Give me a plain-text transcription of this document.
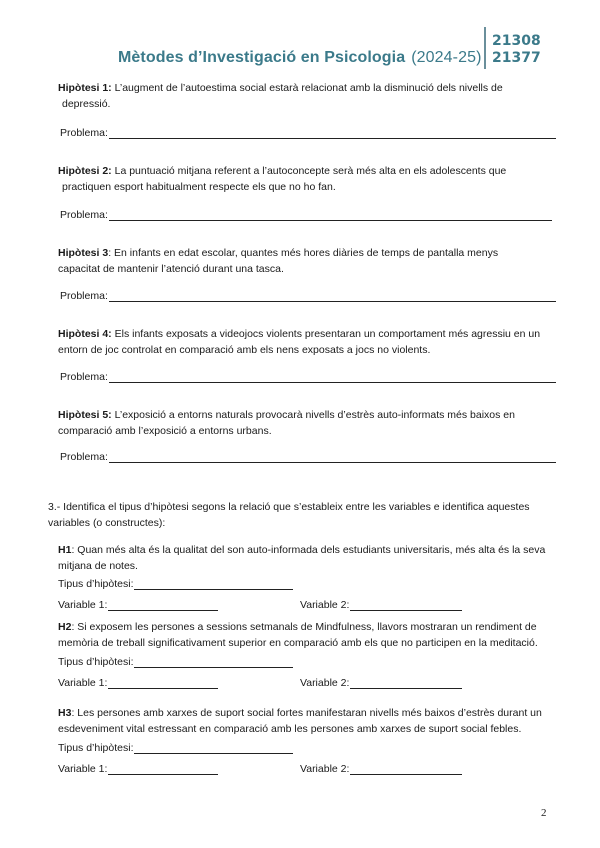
Mètodes d’Investigació en Psicologia (2024-25)
21308
21377
Hipòtesi 1: L’augment de l’autoestima social estarà relacionat amb la disminució dels nivells de
depressió.
Problema:
Hipòtesi 2: La puntuació mitjana referent a l’autoconcepte serà més alta en els adolescents que
practiquen esport habitualment respecte els que no ho fan.
Problema:
Hipòtesi 3: En infants en edat escolar, quantes més hores diàries de temps de pantalla menys
capacitat de mantenir l’atenció durant una tasca.
Problema:
Hipòtesi 4: Els infants exposats a videojocs violents presentaran un comportament més agressiu en un
entorn de joc controlat en comparació amb els nens exposats a jocs no violents.
Problema:
Hipòtesi 5: L’exposició a entorns naturals provocarà nivells d’estrès auto-informats més baixos en
comparació amb l’exposició a entorns urbans.
Problema:
3.- Identifica el tipus d’hipòtesi segons la relació que s’estableix entre les variables e identifica aquestes
variables (o constructes):
H1: Quan més alta és la qualitat del son auto-informada dels estudiants universitaris, més alta és la seva
mitjana de notes.
Tipus d’hipòtesi:
Variable 1:	Variable 2:
H2: Si exposem les persones a sessions setmanals de Mindfulness, llavors mostraran un rendiment de
memòria de treball significativament superior en comparació amb els que no participen en la meditació.
Tipus d’hipòtesi:
Variable 1:	Variable 2:
H3: Les persones amb xarxes de suport social fortes manifestaran nivells més baixos d’estrès durant un
esdeveniment vital estressant en comparació amb les persones amb xarxes de suport social febles.
Tipus d’hipòtesi:
Variable 1:	Variable 2:
2
